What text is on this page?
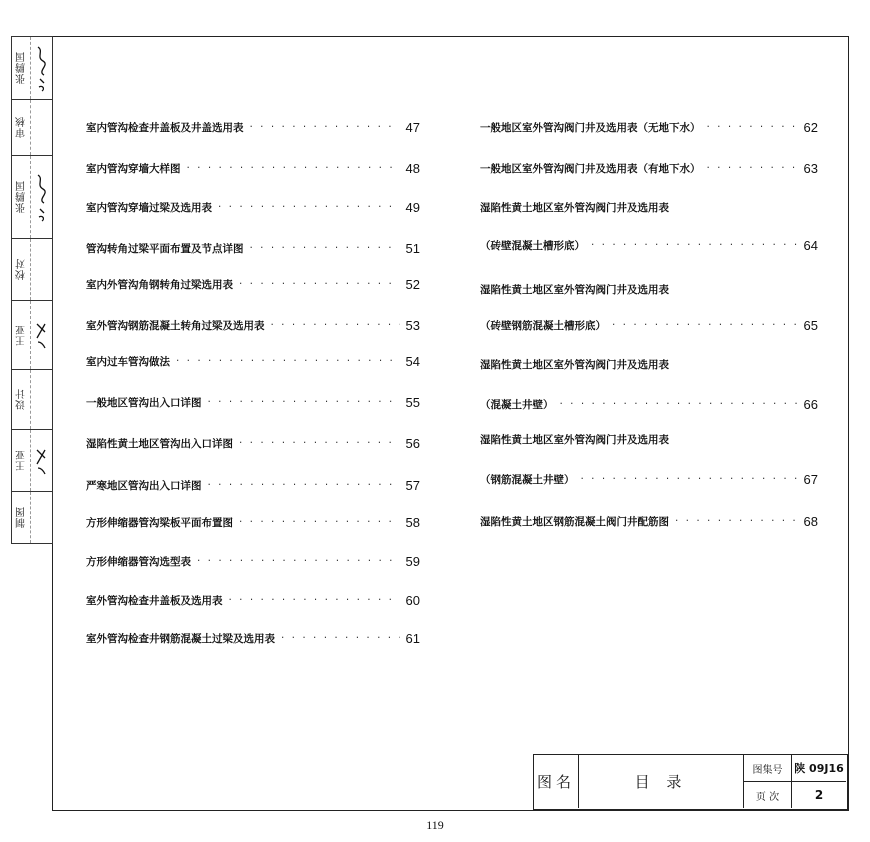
张腾国
审核
张腾国
校对
王亚
设计
王亚
制图
室内管沟检查井盖板及井盖选用表 · · ·	47
室内管沟穿墙大样图 · · ·	48
室内管沟穿墙过梁及选用表 · · ·	49
管沟转角过梁平面布置及节点详图 · · ·	51
室内外管沟角钢转角过梁选用表 · · ·	52
室外管沟钢筋混凝土转角过梁及选用表 · · ·	53
室内过车管沟做法 · · ·	54
一般地区管沟出入口详图 · · ·	55
湿陷性黄土地区管沟出入口详图 · · ·	56
严寒地区管沟出入口详图 · · ·	57
方形伸缩器管沟梁板平面布置图 · · ·	58
方形伸缩器管沟选型表 · · ·	59
室外管沟检查井盖板及选用表 · · ·	60
室外管沟检查井钢筋混凝土过梁及选用表 · · ·	61
一般地区室外管沟阀门井及选用表（无地下水） · · ·	62
一般地区室外管沟阀门井及选用表（有地下水） · · ·	63
湿陷性黄土地区室外管沟阀门井及选用表
（砖壁混凝土槽形底） · · ·	64
湿陷性黄土地区室外管沟阀门井及选用表
（砖壁钢筋混凝土槽形底） · · ·	65
湿陷性黄土地区室外管沟阀门井及选用表
（混凝土井壁） · · ·	66
湿陷性黄土地区室外管沟阀门井及选用表
（钢筋混凝土井壁） · · ·	67
湿陷性黄土地区钢筋混凝土阀门井配筋图 · · ·	68
图名	目 录
图集号	陕 09J16
页 次	2
119
